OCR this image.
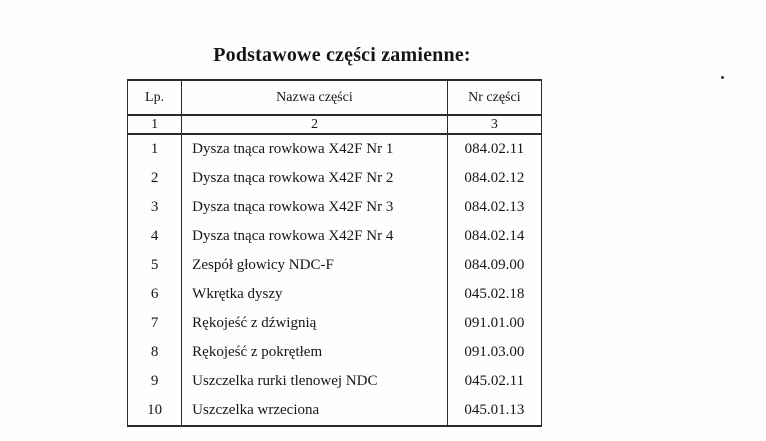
Podstawowe części zamienne:
Lp.	Nazwa części	Nr części
1	2	3
1	Dysza tnąca rowkowa X42F Nr 1	084.02.11
2	Dysza tnąca rowkowa X42F Nr 2	084.02.12
3	Dysza tnąca rowkowa X42F Nr 3	084.02.13
4	Dysza tnąca rowkowa X42F Nr 4	084.02.14
5	Zespół głowicy NDC-F	084.09.00
6	Wkrętka dyszy	045.02.18
7	Rękojeść z dźwignią	091.01.00
8	Rękojeść z pokrętłem	091.03.00
9	Uszczelka rurki tlenowej NDC	045.02.11
10	Uszczelka wrzeciona	045.01.13
